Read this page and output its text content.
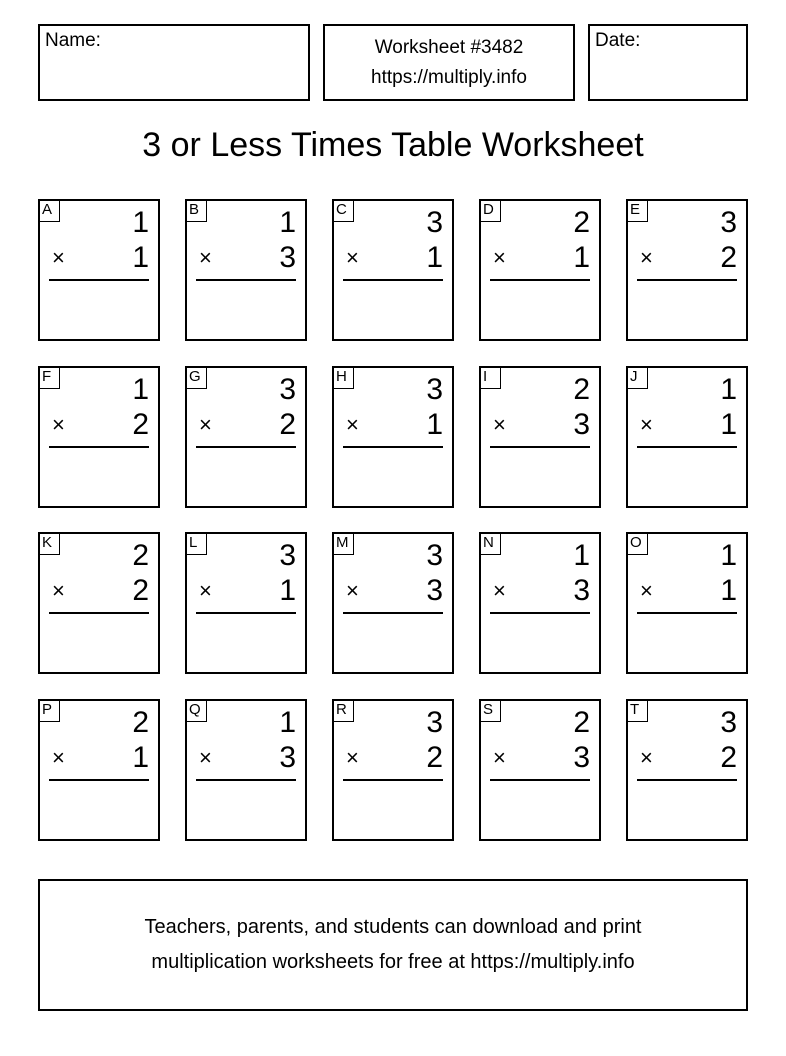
Name:	Worksheet #3482
https://multiply.info
Date:
3 or Less Times Table Worksheet
A	1
× 1
B	1
× 3
C	3
× 1
D	2
× 1
E	3
× 2
F	1
× 2
G	3
× 2
H	3
× 1
I	2
× 3
J	1
× 1
K	2
× 2
L	3
× 1
M	3
× 3
N	1
× 3
O	1
× 1
P	2
× 1
Q	1
× 3
R	3
× 2
S	2
× 3
T	3
× 2
Teachers, parents, and students can download and print
multiplication worksheets for free at https://multiply.info
